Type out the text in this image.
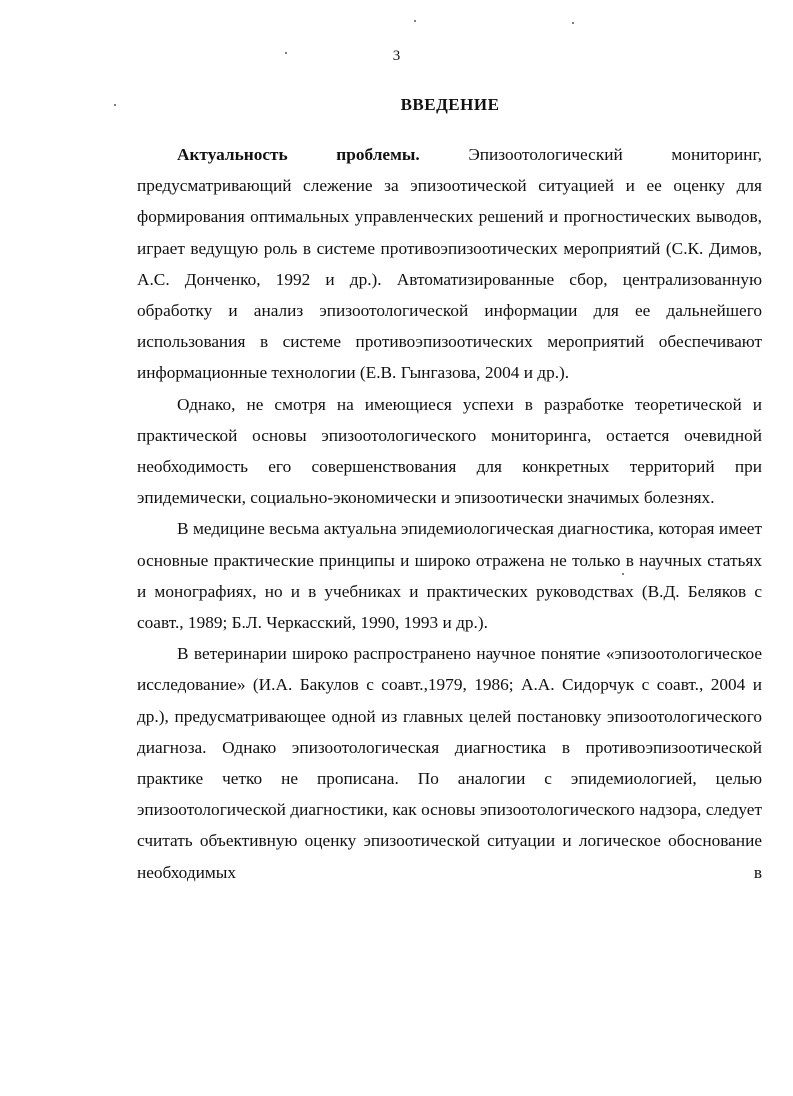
3
ВВЕДЕНИЕ

Актуальность проблемы. Эпизоотологический мониторинг, предусматривающий слежение за эпизоотической ситуацией и ее оценку для формирования оптимальных управленческих решений и прогностических выводов, играет ведущую роль в системе противоэпизоотических мероприятий (С.К. Димов, А.С. Донченко, 1992 и др.). Автоматизированные сбор, централизованную обработку и анализ эпизоотологической информации для ее дальнейшего использования в системе противоэпизоотических мероприятий обеспечивают информационные технологии (Е.В. Гынгазова, 2004 и др.).

Однако, не смотря на имеющиеся успехи в разработке теоретической и практической основы эпизоотологического мониторинга, остается очевидной необходимость его совершенствования для конкретных территорий при эпидемически, социально-экономически и эпизоотически значимых болезнях.

В медицине весьма актуальна эпидемиологическая диагностика, которая имеет основные практические принципы и широко отражена не только в научных статьях и монографиях, но и в учебниках и практических руководствах (В.Д. Беляков с соавт., 1989; Б.Л. Черкасский, 1990, 1993 и др.).

В ветеринарии широко распространено научное понятие «эпизоотологическое исследование» (И.А. Бакулов с соавт.,1979, 1986; А.А. Сидорчук с соавт., 2004 и др.), предусматривающее одной из главных целей постановку эпизоотологического диагноза. Однако эпизоотологическая диагностика в противоэпизоотической практике четко не прописана. По аналогии с эпидемиологией, целью эпизоотологической диагностики, как основы эпизоотологического надзора, следует считать объективную оценку эпизоотической ситуации и логическое обоснование необходимых в
